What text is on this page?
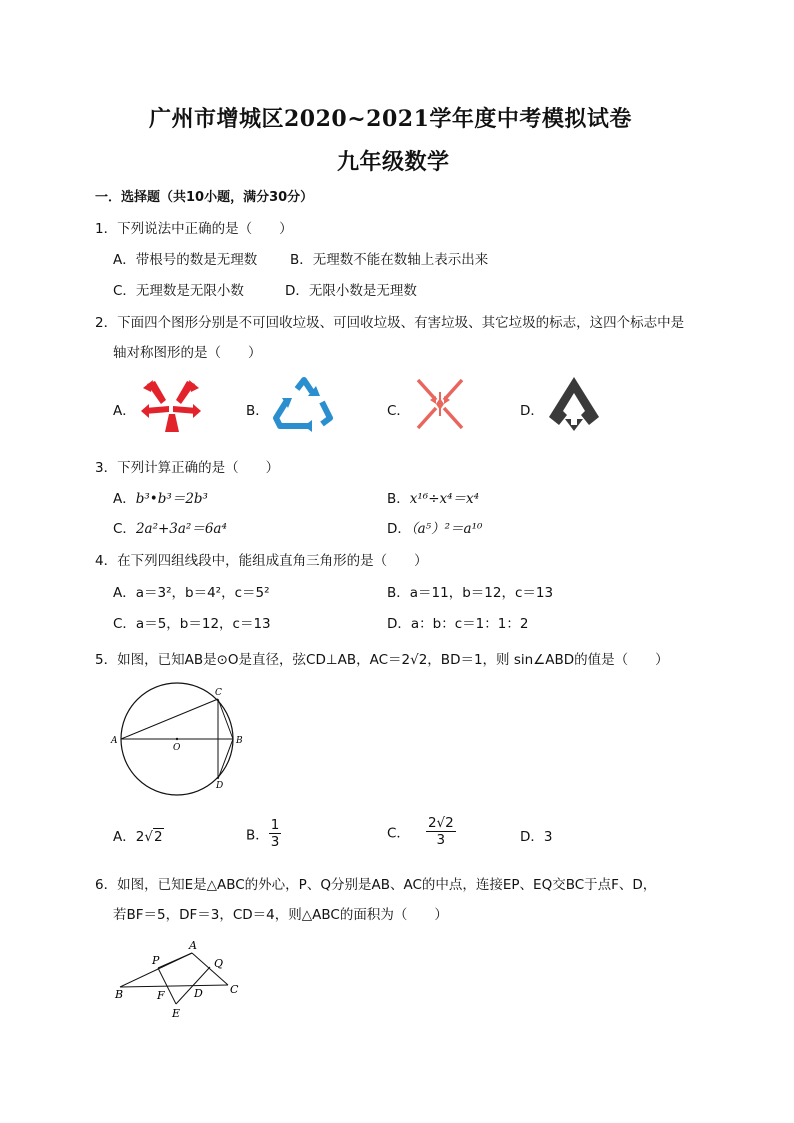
广州市增城区2020~2021学年度中考模拟试卷
九年级数学
一．选择题（共10小题，满分30分）
1．下列说法中正确的是（　　）
A．带根号的数是无理数 B．无理数不能在数轴上表示出来
C．无理数是无限小数	D．无限小数是无理数
2．下面四个图形分别是不可回收垃圾、可回收垃圾、有害垃圾、其它垃圾的标志，这四个标志中是
轴对称图形的是（　　）
A．	B．	C．	D．
3．下列计算正确的是（　　）
A．b³•b³＝2b³	B．x¹⁶÷x⁴＝x⁴
C．2a²+3a²＝6a⁴	D．（a⁵）²＝a¹⁰
4．在下列四组线段中，能组成直角三角形的是（　　）
A．a＝3²，b＝4²，c＝5²	B．a＝11，b＝12，c＝13
C．a＝5，b＝12，c＝13	D．a：b：c＝1：1：2
5．如图，已知AB是⊙O是直径，弦CD⊥AB，AC＝2√2，BD＝1，则 sin∠ABD的值是（　　）
A	B
C
D
O
A．2√2	B． $\frac{1}{3}$	C． $\frac{2√2}{3}$	D．3
6．如图，已知E是△ABC的外心，P、Q分别是AB、AC的中点，连接EP、EQ交BC于点F、D，
若BF＝5，DF＝3，CD＝4，则△ABC的面积为（　　）
A
P	Q
B	F	D C
E
